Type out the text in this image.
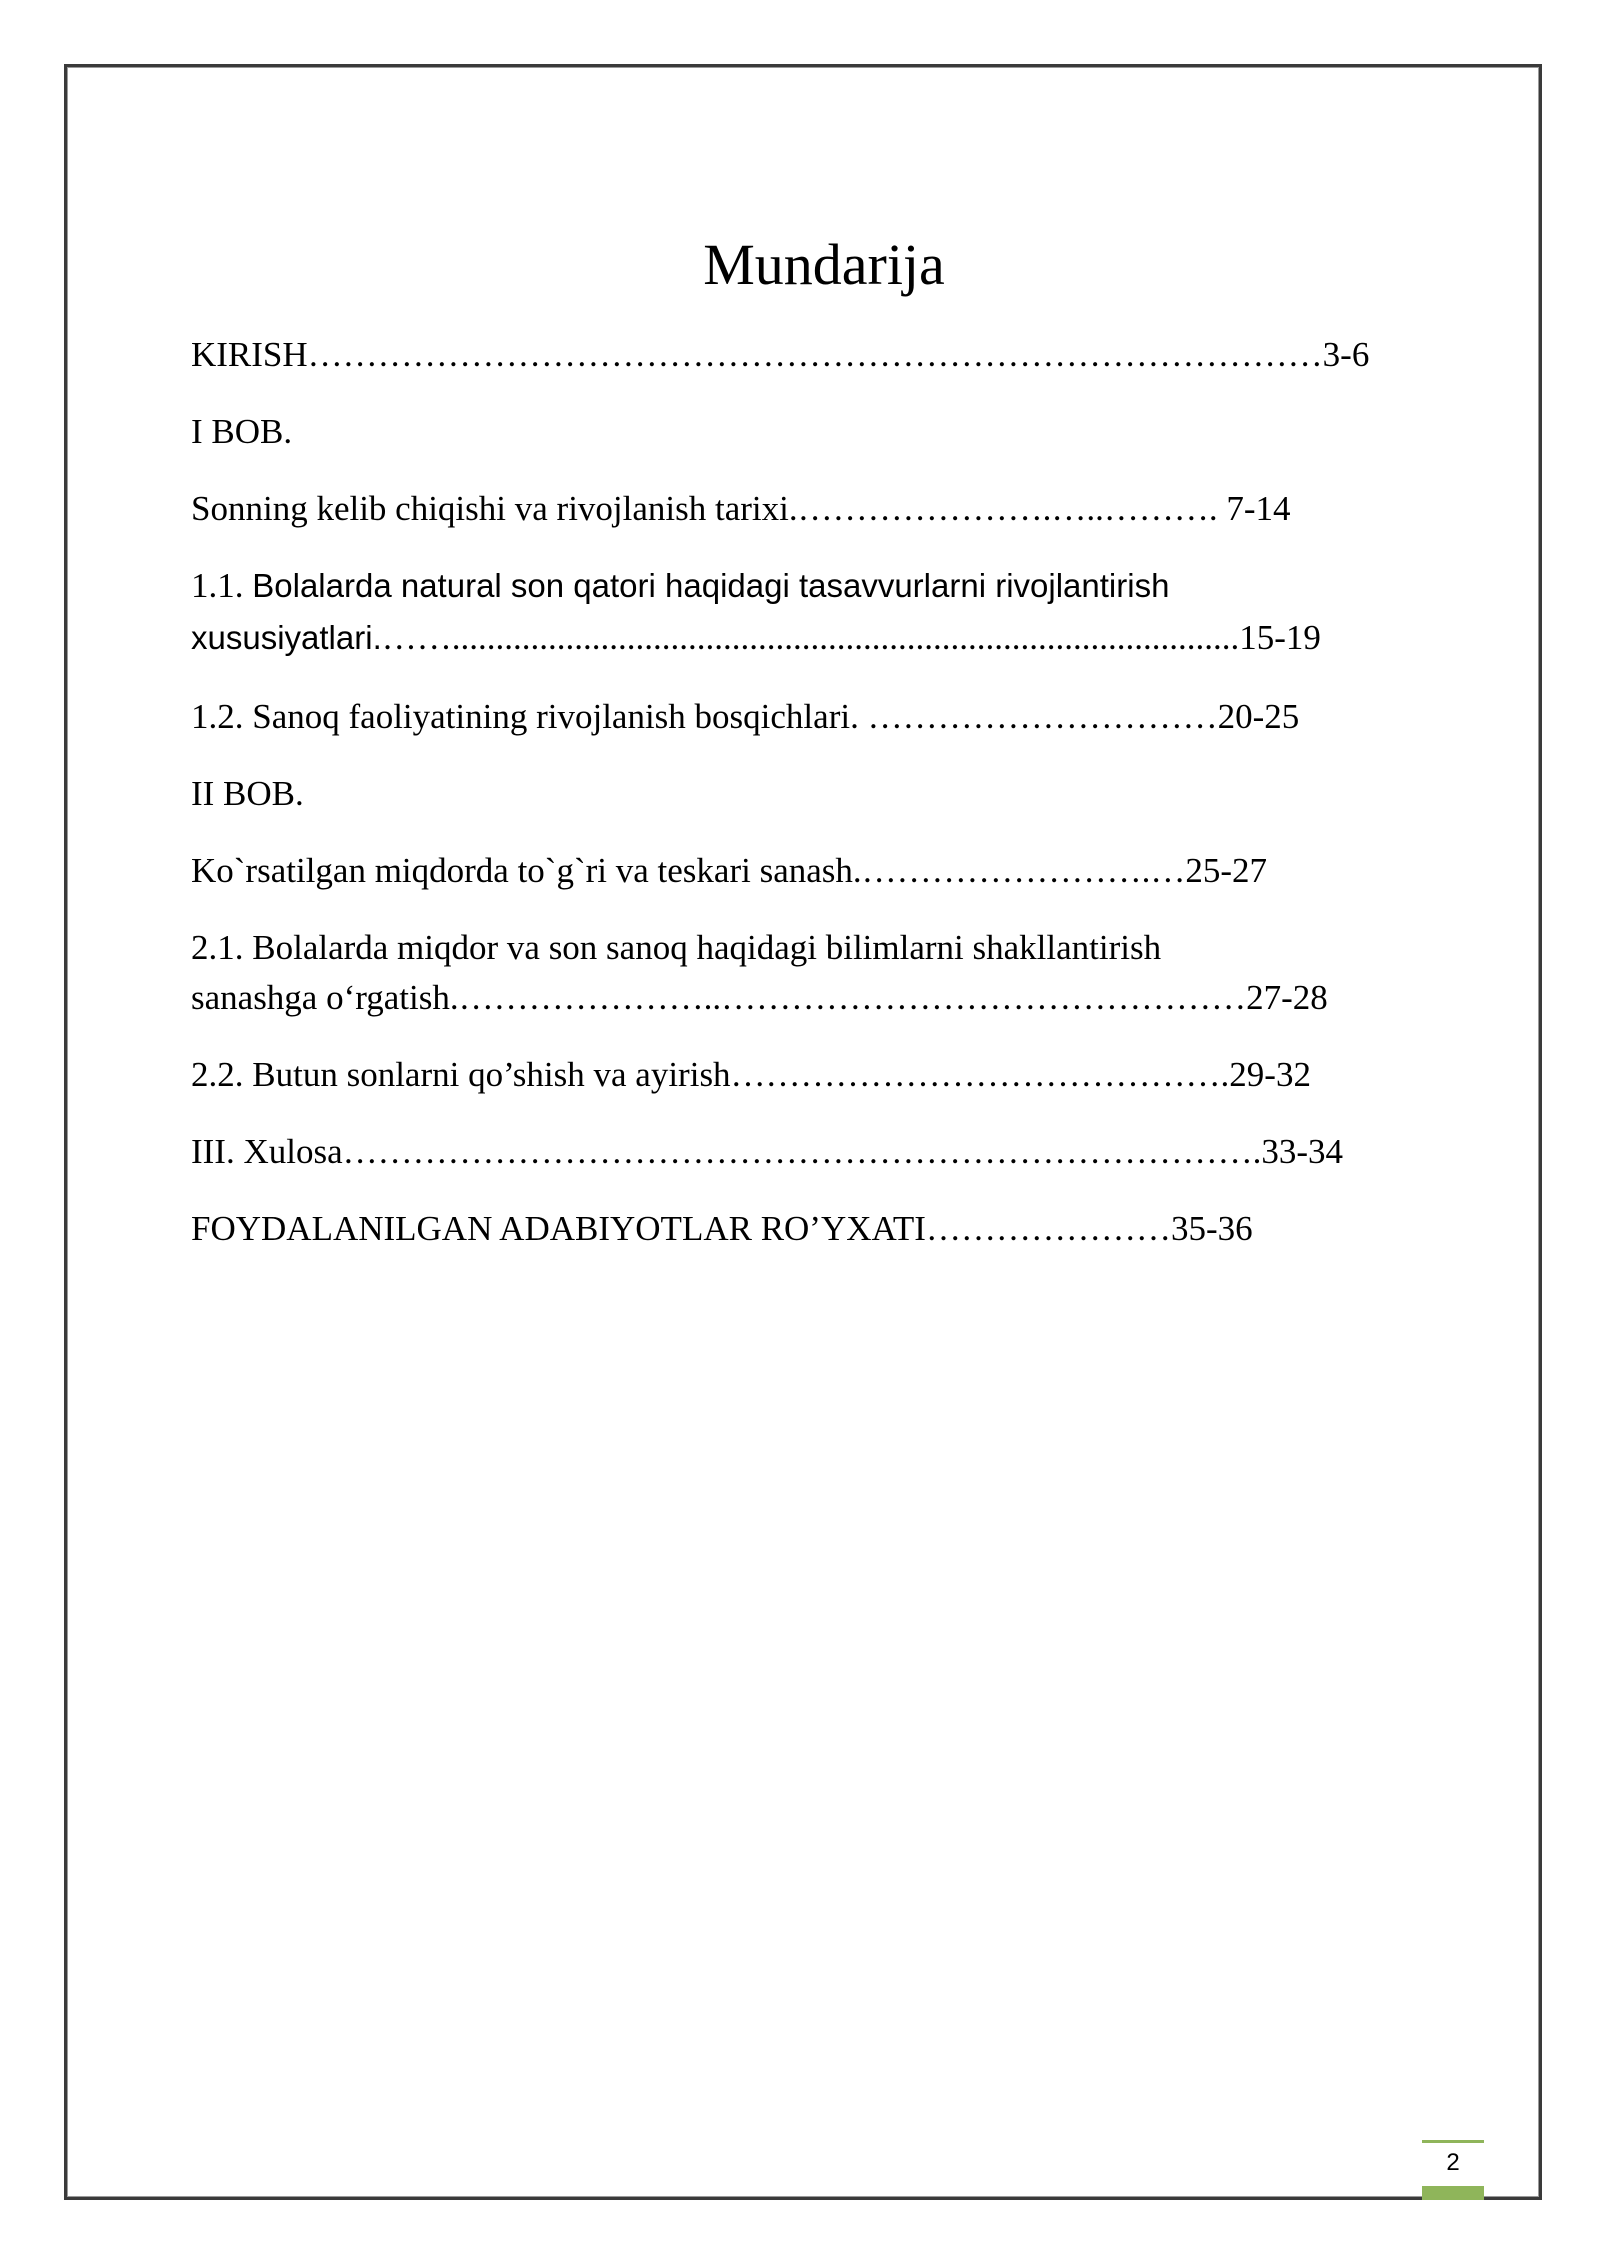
Mundarija
KIRISH……………………………………………………………………………3-6
I BOB.
Sonning kelib chiqishi va rivojlanish tarixi.………………….…..………. 7-14
1.1. Bolalarda natural son qatori haqidagi tasavvurlarni rivojlantirish
xususiyatlari.……..........................................................................................15-19
1.2. Sanoq faoliyatining rivojlanish bosqichlari. …………………………20-25
II BOB.
Ko`rsatilgan miqdorda to`g`ri va teskari sanash.…………………….…25-27
2.1. Bolalarda miqdor va son sanoq haqidagi bilimlarni shakllantirish
sanashga o‘rgatish.…………………..………………………………………27-28
2.2. Butun sonlarni qo’shish va ayirish…………………………………….29-32
III. Xulosa…………………………………………………………………….33-34
FOYDALANILGAN ADABIYOTLAR RO’YXATI…………………35-36
2
